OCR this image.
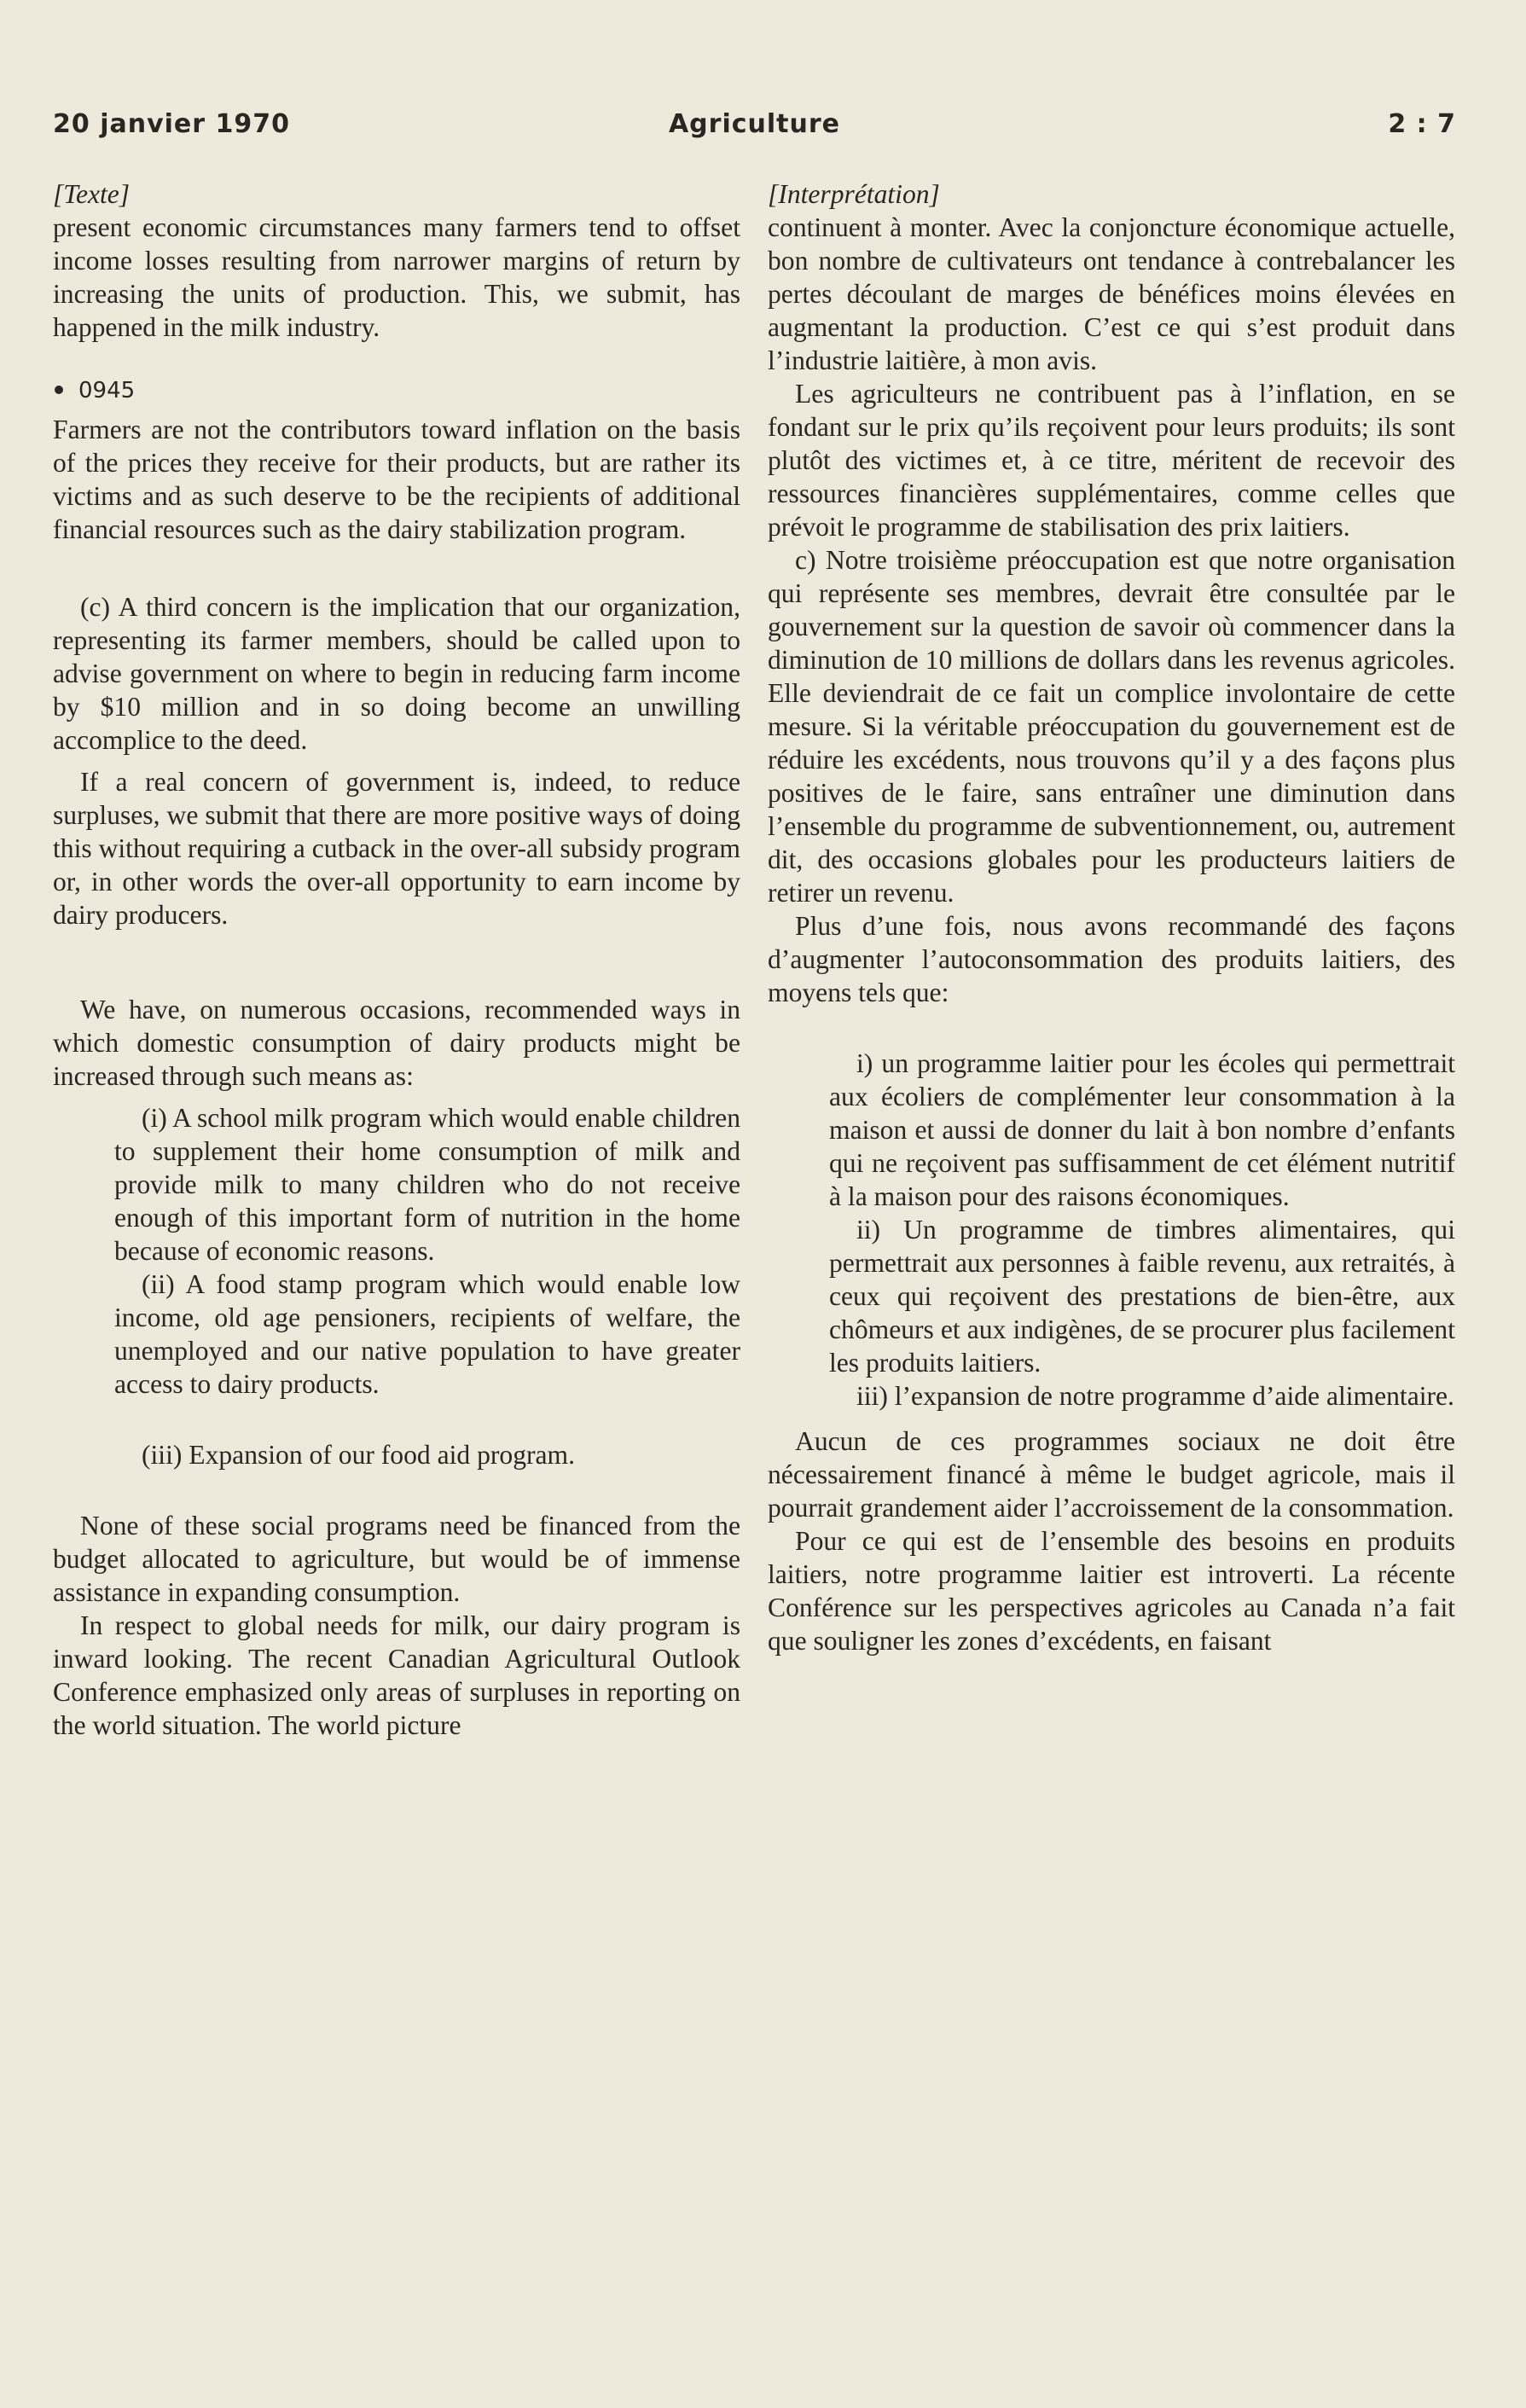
20 janvier 1970	Agriculture	2 : 7

[Texte]

present economic circumstances many farmers tend to offset income losses resulting from narrower margins of return by increasing the units of production. This, we submit, has happened in the milk industry.

0945

Farmers are not the contributors toward inflation on the basis of the prices they receive for their products, but are rather its victims and as such deserve to be the recipients of additional financial resources such as the dairy stabilization program.

(c) A third concern is the implication that our organization, representing its farmer members, should be called upon to advise government on where to begin in reducing farm income by $10 million and in so doing become an unwilling accomplice to the deed.

If a real concern of government is, indeed, to reduce surpluses, we submit that there are more positive ways of doing this without requiring a cutback in the over-all subsidy program or, in other words the over-all opportunity to earn income by dairy producers.

We have, on numerous occasions, recommended ways in which domestic consumption of dairy products might be increased through such means as:

(i) A school milk program which would enable children to supplement their home consumption of milk and provide milk to many children who do not receive enough of this important form of nutrition in the home because of economic reasons.

(ii) A food stamp program which would enable low income, old age pensioners, recipients of welfare, the unemployed and our native population to have greater access to dairy products.

(iii) Expansion of our food aid program.

None of these social programs need be financed from the budget allocated to agriculture, but would be of immense assistance in expanding consumption.

In respect to global needs for milk, our dairy program is inward looking. The recent Canadian Agricultural Outlook Conference emphasized only areas of surpluses in reporting on the world situation. The world picture

[Interprétation]

continuent à monter. Avec la conjoncture économique actuelle, bon nombre de cultivateurs ont tendance à contrebalancer les pertes découlant de marges de bénéfices moins élevées en augmentant la production. C’est ce qui s’est produit dans l’industrie laitière, à mon avis.

Les agriculteurs ne contribuent pas à l’inflation, en se fondant sur le prix qu’ils reçoivent pour leurs produits; ils sont plutôt des victimes et, à ce titre, méritent de recevoir des ressources financières supplémentaires, comme celles que prévoit le programme de stabilisation des prix laitiers.

c) Notre troisième préoccupation est que notre organisation qui représente ses membres, devrait être consultée par le gouvernement sur la question de savoir où commencer dans la diminution de 10 millions de dollars dans les revenus agricoles. Elle deviendrait de ce fait un complice involontaire de cette mesure. Si la véritable préoccupation du gouvernement est de réduire les excédents, nous trouvons qu’il y a des façons plus positives de le faire, sans entraîner une diminution dans l’ensemble du programme de subventionnement, ou, autrement dit, des occasions globales pour les producteurs laitiers de retirer un revenu.

Plus d’une fois, nous avons recommandé des façons d’augmenter l’autoconsommation des produits laitiers, des moyens tels que:

i) un programme laitier pour les écoles qui permettrait aux écoliers de complémenter leur consommation à la maison et aussi de donner du lait à bon nombre d’enfants qui ne reçoivent pas suffisamment de cet élément nutritif à la maison pour des raisons économiques.

ii) Un programme de timbres alimentaires, qui permettrait aux personnes à faible revenu, aux retraités, à ceux qui reçoivent des prestations de bien-être, aux chômeurs et aux indigènes, de se procurer plus facilement les produits laitiers.

iii) l’expansion de notre programme d’aide alimentaire.

Aucun de ces programmes sociaux ne doit être nécessairement financé à même le budget agricole, mais il pourrait grandement aider l’accroissement de la consommation.

Pour ce qui est de l’ensemble des besoins en produits laitiers, notre programme laitier est introverti. La récente Conférence sur les perspectives agricoles au Canada n’a fait que souligner les zones d’excédents, en faisant
